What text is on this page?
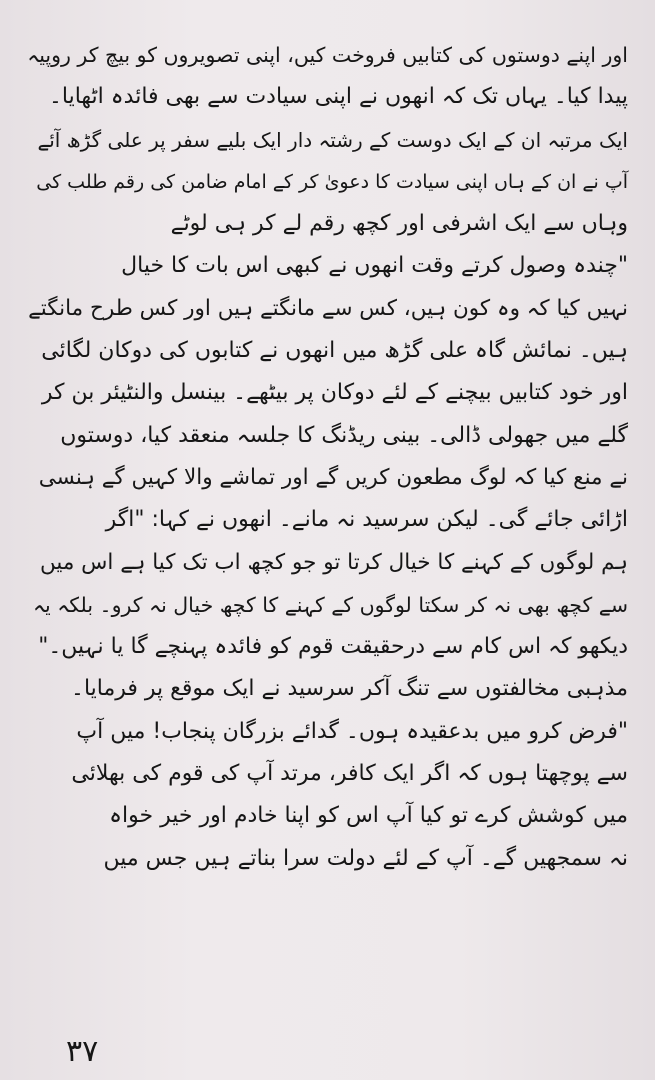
اور اپنے دوستوں کی کتابیں فروخت کیں، اپنی تصویروں کو بیچ کر روپیہ
پیدا کیا۔ یہاں تک کہ انھوں نے اپنی سیادت سے بھی فائدہ اٹھایا۔
ایک مرتبہ ان کے ایک دوست کے رشتہ دار ایک بلیے سفر پر علی گڑھ آئے
آپ نے ان کے ہاں اپنی سیادت کا دعویٰ کر کے امام ضامن کی رقم طلب کی
وہاں سے ایک اشرفی اور کچھ رقم لے کر ہی لوٹے
"چندہ وصول کرتے وقت انھوں نے کبھی اس بات کا خیال
نہیں کیا کہ وہ کون ہیں، کس سے مانگتے ہیں اور کس طرح مانگتے
ہیں۔ نمائش گاہ علی گڑھ میں انھوں نے کتابوں کی دوکان لگائی
اور خود کتابیں بیچنے کے لئے دوکان پر بیٹھے۔ بینسل والنٹیئر بن کر
گلے میں جھولی ڈالی۔ بینی ریڈنگ کا جلسہ منعقد کیا، دوستوں
نے منع کیا کہ لوگ مطعون کریں گے اور تماشے والا کہیں گے ہنسی
اڑائی جائے گی۔ لیکن سرسید نہ مانے۔ انھوں نے کہا: "اگر
ہم لوگوں کے کہنے کا خیال کرتا تو جو کچھ اب تک کیا ہے اس میں
سے کچھ بھی نہ کر سکتا لوگوں کے کہنے کا کچھ خیال نہ کرو۔ بلکہ یہ
دیکھو کہ اس کام سے درحقیقت قوم کو فائدہ پہنچے گا یا نہیں۔"
مذہبی مخالفتوں سے تنگ آکر سرسید نے ایک موقع پر فرمایا۔
"فرض کرو میں بدعقیدہ ہوں۔ گدائے بزرگان پنجاب! میں آپ
سے پوچھتا ہوں کہ اگر ایک کافر، مرتد آپ کی قوم کی بھلائی
میں کوشش کرے تو کیا آپ اس کو اپنا خادم اور خیر خواہ
نہ سمجھیں گے۔ آپ کے لئے دولت سرا بناتے ہیں جس میں
٣٧
